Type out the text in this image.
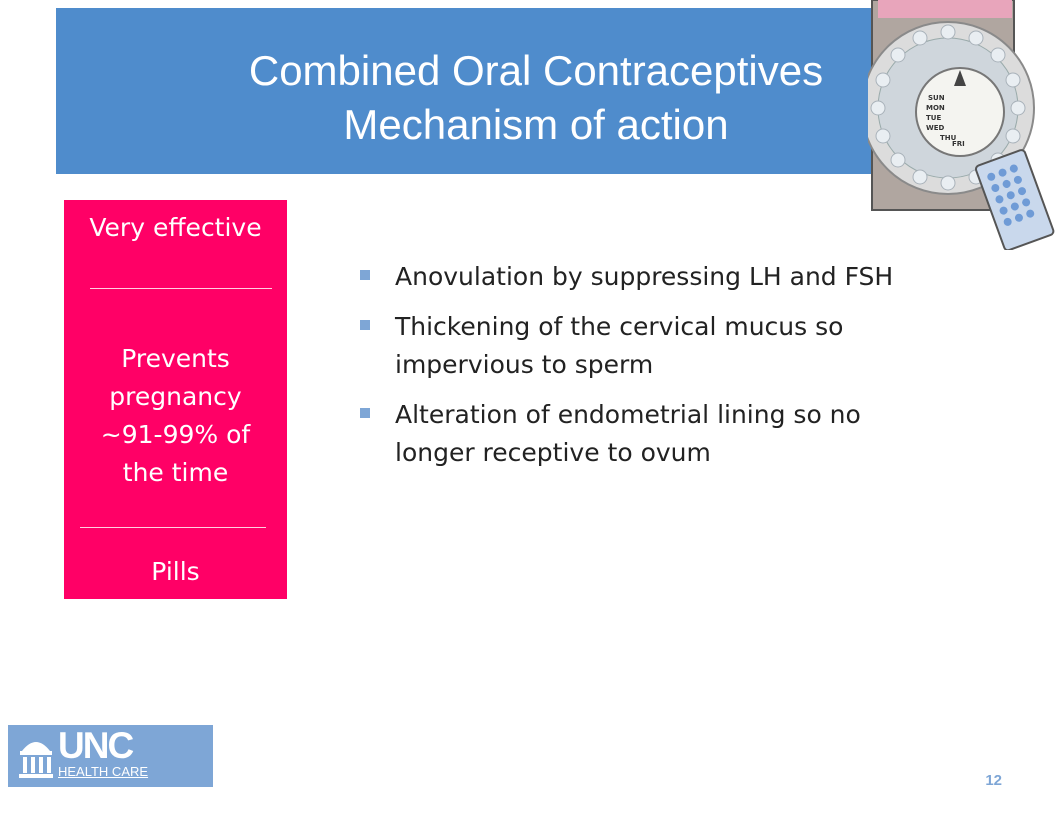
Combined Oral Contraceptives
Mechanism of action
SUN
MON
TUE
WED
THU
FRI
Very effective
Prevents pregnancy ~91-99% of the time
Pills
Anovulation by suppressing LH and FSH
Thickening of the cervical mucus so impervious to sperm
Alteration of endometrial lining so no longer receptive to ovum
UNC
HEALTH CARE
12
